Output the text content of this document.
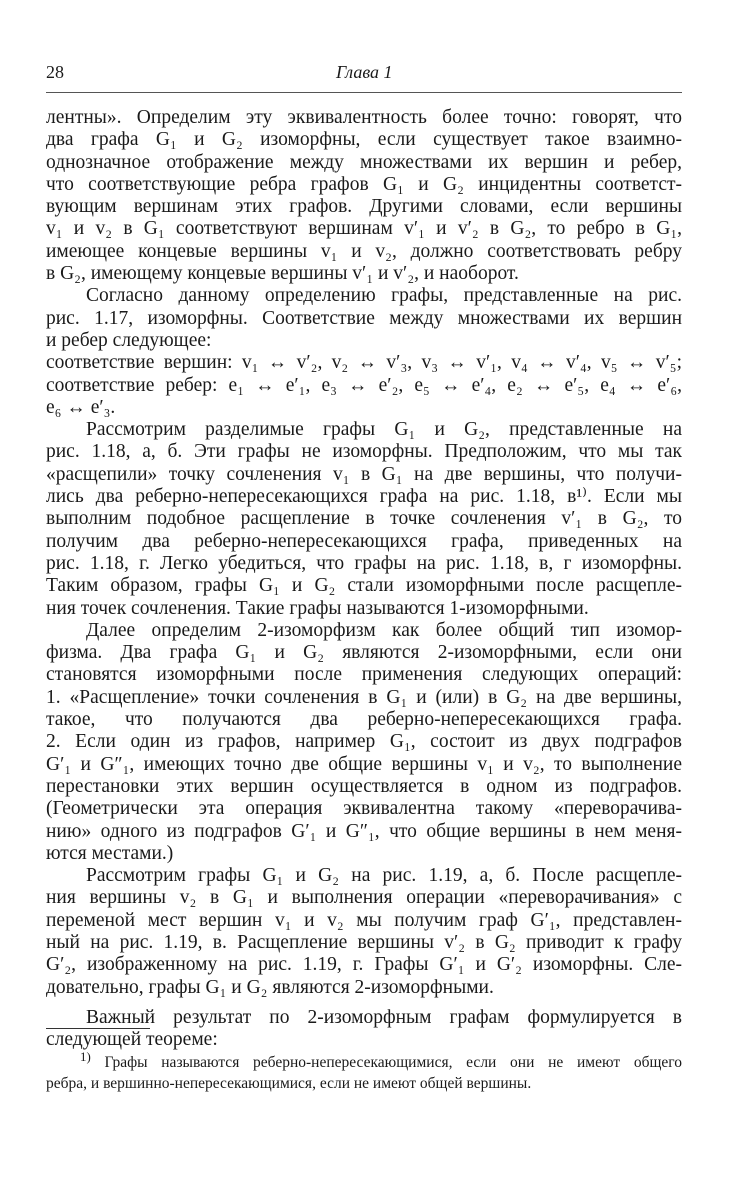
28	Глава 1

лентны». Определим эту эквивалентность более точно: говорят, что
два графа G₁ и G₂ изоморфны, если существует такое взаимно-
однозначное отображение между множествами их вершин и ребер,
что соответствующие ребра графов G₁ и G₂ инцидентны соответст-
вующим вершинам этих графов. Другими словами, если вершины
v₁ и v₂ в G₁ соответствуют вершинам v′₁ и v′₂ в G₂, то ребро в G₁,
имеющее концевые вершины v₁ и v₂, должно соответствовать ребру
в G₂, имеющему концевые вершины v′₁ и v′₂, и наоборот.

Согласно данному определению графы, представленные на рис.
рис. 1.17, изоморфны. Соответствие между множествами их вершин
и ребер следующее:
соответствие вершин: v₁ ↔ v′₂, v₂ ↔ v′₃, v₃ ↔ v′₁, v₄ ↔ v′₄, v₅ ↔ v′₅;
соответствие ребер: e₁ ↔ e′₁, e₃ ↔ e′₂, e₅ ↔ e′₄, e₂ ↔ e′₅, e₄ ↔ e′₆,
e₆ ↔ e′₃.

Рассмотрим разделимые графы G₁ и G₂, представленные на
рис. 1.18, а, б. Эти графы не изоморфны. Предположим, что мы так
«расщепили» точку сочленения v₁ в G₁ на две вершины, что получи-
лись два реберно-непересекающихся графа на рис. 1.18, в¹⁾. Если мы
выполним подобное расщепление в точке сочленения v′₁ в G₂, то
получим два реберно-непересекающихся графа, приведенных на
рис. 1.18, г. Легко убедиться, что графы на рис. 1.18, в, г изоморфны.
Таким образом, графы G₁ и G₂ стали изоморфными после расщепле-
ния точек сочленения. Такие графы называются 1-изоморфными.

Далее определим 2-изоморфизм как более общий тип изомор-
физма. Два графа G₁ и G₂ являются 2-изоморфными, если они
становятся изоморфными после применения следующих операций:
1. «Расщепление» точки сочленения в G₁ и (или) в G₂ на две вершины,
такое, что получаются два реберно-непересекающихся графа.
2. Если один из графов, например G₁, состоит из двух подграфов
G′₁ и G″₁, имеющих точно две общие вершины v₁ и v₂, то выполнение
перестановки этих вершин осуществляется в одном из подграфов.
(Геометрически эта операция эквивалентна такому «переворачива-
нию» одного из подграфов G′₁ и G″₁, что общие вершины в нем меня-
ются местами.)

Рассмотрим графы G₁ и G₂ на рис. 1.19, а, б. После расщепле-
ния вершины v₂ в G₁ и выполнения операции «переворачивания» с
переменой мест вершин v₁ и v₂ мы получим граф G′₁, представлен-
ный на рис. 1.19, в. Расщепление вершины v′₂ в G₂ приводит к графу
G′₂, изображенному на рис. 1.19, г. Графы G′₁ и G′₂ изоморфны. Сле-
довательно, графы G₁ и G₂ являются 2-изоморфными.

Важный результат по 2-изоморфным графам формулируется в
следующей теореме:

$^{1)}$ Графы называются реберно-непересекающимися, если они не имеют общего
ребра, и вершинно-непересекающимися, если не имеют общей вершины.
